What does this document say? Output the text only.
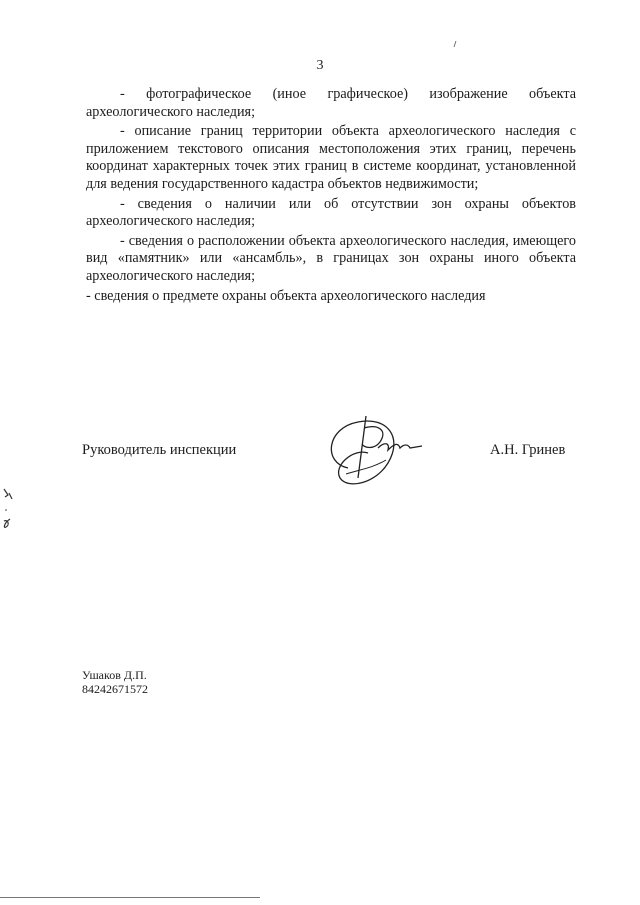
3

- фотографическое (иное графическое) изображение объекта археологического наследия;

- описание границ территории объекта археологического наследия с приложением текстового описания местоположения этих границ, перечень координат характерных точек этих границ в системе координат, установленной для ведения государственного кадастра объектов недвижимости;

- сведения о наличии или об отсутствии зон охраны объектов археологического наследия;

- сведения о расположении объекта археологического наследия, имеющего вид «памятник» или «ансамбль», в границах зон охраны иного объекта археологического наследия;

- сведения о предмете охраны объекта археологического наследия

Руководитель инспекции	А.Н. Гринев
Ушаков Д.П.
84242671572
